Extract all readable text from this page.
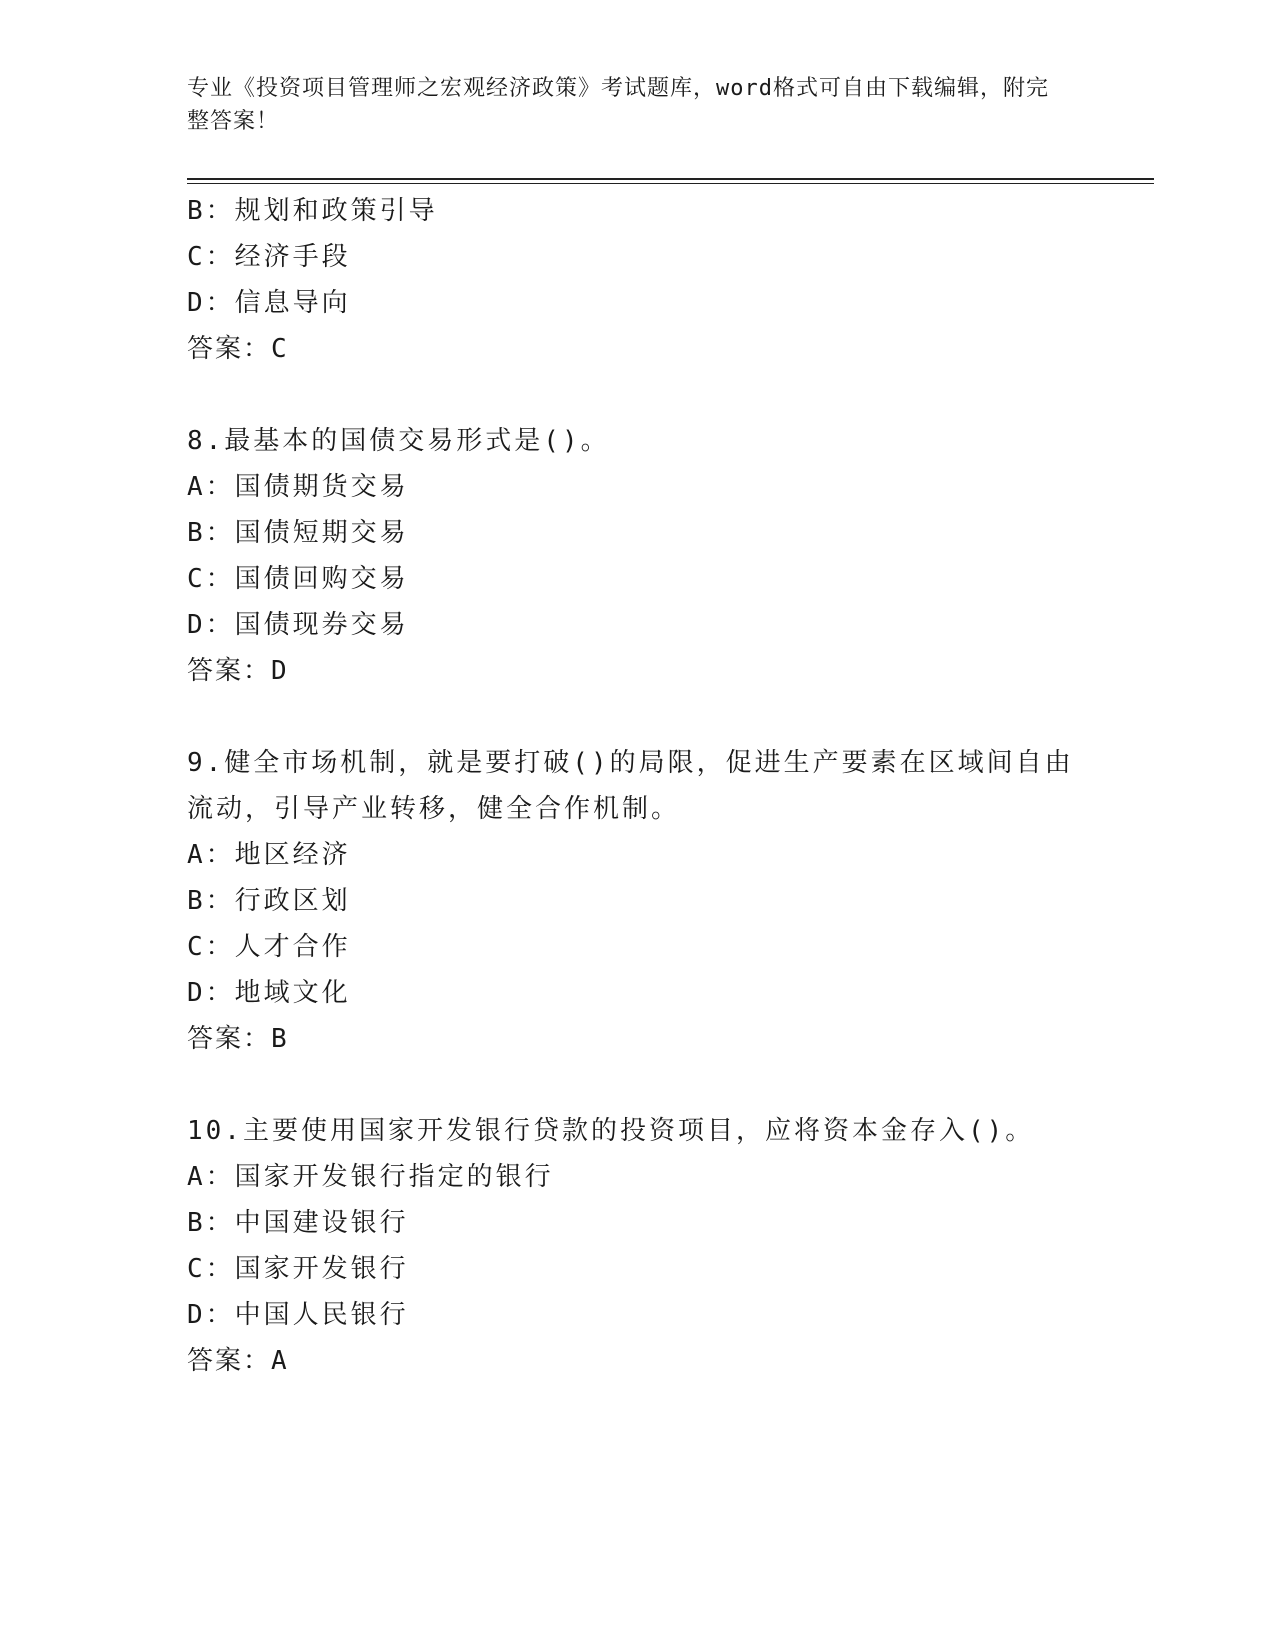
专业《投资项目管理师之宏观经济政策》考试题库，word格式可自由下载编辑，附完整答案！
B：规划和政策引导
C：经济手段
D：信息导向
答案：C
8.最基本的国债交易形式是()。
A：国债期货交易
B：国债短期交易
C：国债回购交易
D：国债现券交易
答案：D
9.健全市场机制，就是要打破()的局限，促进生产要素在区域间自由
流动，引导产业转移，健全合作机制。
A：地区经济
B：行政区划
C：人才合作
D：地域文化
答案：B
10.主要使用国家开发银行贷款的投资项目，应将资本金存入()。
A：国家开发银行指定的银行
B：中国建设银行
C：国家开发银行
D：中国人民银行
答案：A
